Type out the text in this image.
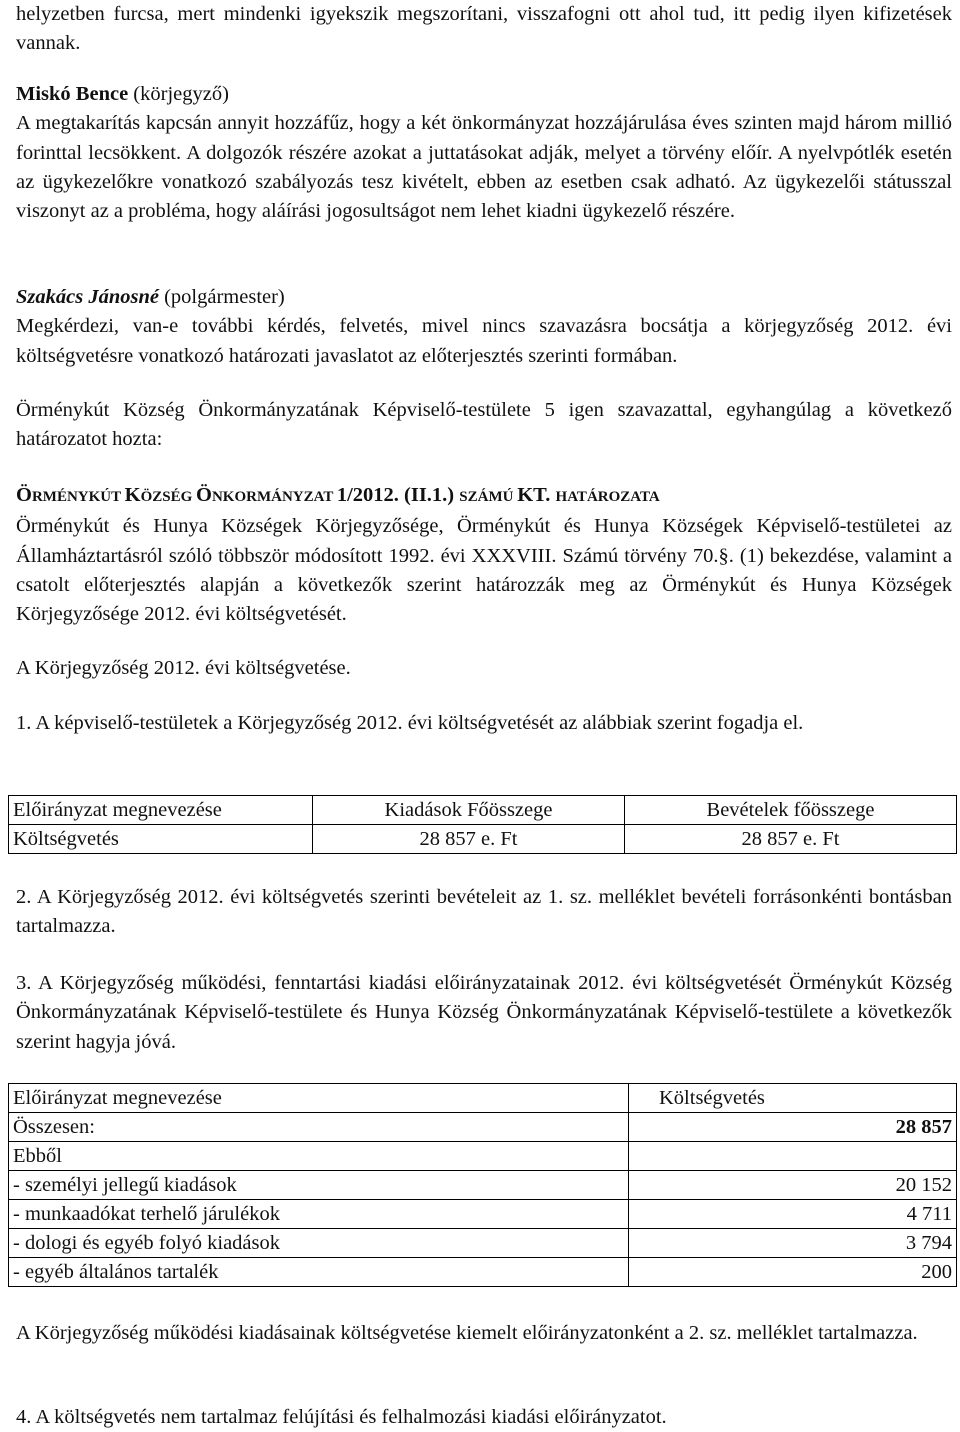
helyzetben furcsa, mert mindenki igyekszik megszorítani, visszafogni ott ahol tud, itt pedig ilyen kifizetések vannak.

Miskó Bence (körjegyző)

A megtakarítás kapcsán annyit hozzáfűz, hogy a két önkormányzat hozzájárulása éves szinten majd három millió forinttal lecsökkent. A dolgozók részére azokat a juttatásokat adják, melyet a törvény előír. A nyelvpótlék esetén az ügykezelőkre vonatkozó szabályozás tesz kivételt, ebben az esetben csak adható. Az ügykezelői státusszal viszonyt az a probléma, hogy aláírási jogosultságot nem lehet kiadni ügykezelő részére.

Szakács Jánosné (polgármester)

Megkérdezi, van-e további kérdés, felvetés, mivel nincs szavazásra bocsátja a körjegyzőség 2012. évi költségvetésre vonatkozó határozati javaslatot az előterjesztés szerinti formában.

Örménykút Község Önkormányzatának Képviselő-testülete 5 igen szavazattal, egyhangúlag a következő határozatot hozta:

ÖRMÉNYKÚT KÖZSÉG ÖNKORMÁNYZAT 1/2012. (II.1.) SZÁMÚ KT. HATÁROZATA

Örménykút és Hunya Községek Körjegyzősége, Örménykút és Hunya Községek Képviselő-testületei az Államháztartásról szóló többször módosított 1992. évi XXXVIII. Számú törvény 70.§. (1) bekezdése, valamint a csatolt előterjesztés alapján a következők szerint határozzák meg az Örménykút és Hunya Községek Körjegyzősége 2012. évi költségvetését.

A Körjegyzőség 2012. évi költségvetése.

1. A képviselő-testületek a Körjegyzőség 2012. évi költségvetését az alábbiak szerint fogadja el.

Előirányzat megnevezése	Kiadások Főösszege	Bevételek főösszege
Költségvetés	28 857 e. Ft	28 857 e. Ft

2. A Körjegyzőség 2012. évi költségvetés szerinti bevételeit az 1. sz. melléklet bevételi forrásonkénti bontásban tartalmazza.

3. A Körjegyzőség működési, fenntartási kiadási előirányzatainak 2012. évi költségvetését Örménykút Község Önkormányzatának Képviselő-testülete és Hunya Község Önkormányzatának Képviselő-testülete a következők szerint hagyja jóvá.

Előirányzat megnevezése	Költségvetés
Összesen:	28 857
Ebből	
- személyi jellegű kiadások	20 152
- munkaadókat terhelő járulékok	4 711
- dologi és egyéb folyó kiadások	3 794
- egyéb általános tartalék	200

A Körjegyzőség működési kiadásainak költségvetése kiemelt előirányzatonként a 2. sz. melléklet tartalmazza.

4. A költségvetés nem tartalmaz felújítási és felhalmozási kiadási előirányzatot.
